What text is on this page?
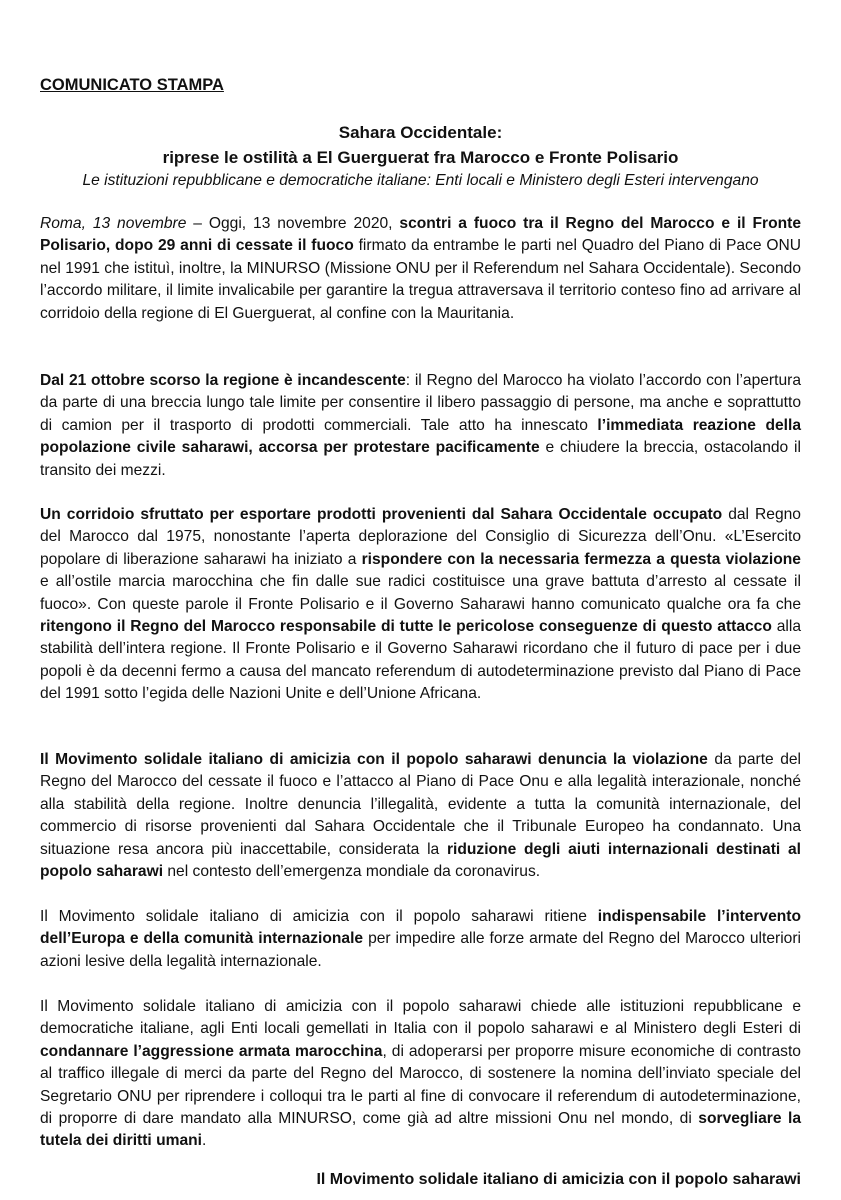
COMUNICATO STAMPA
Sahara Occidentale:
riprese le ostilità a El Guerguerat fra Marocco e Fronte Polisario
Le istituzioni repubblicane e democratiche italiane: Enti locali e Ministero degli Esteri intervengano

Roma, 13 novembre – Oggi, 13 novembre 2020, scontri a fuoco tra il Regno del Marocco e il Fronte Polisario, dopo 29 anni di cessate il fuoco firmato da entrambe le parti nel Quadro del Piano di Pace ONU nel 1991 che istituì, inoltre, la MINURSO (Missione ONU per il Referendum nel Sahara Occidentale). Secondo l’accordo militare, il limite invalicabile per garantire la tregua attraversava il territorio conteso fino ad arrivare al corridoio della regione di El Guerguerat, al confine con la Mauritania.

Dal 21 ottobre scorso la regione è incandescente: il Regno del Marocco ha violato l’accordo con l’apertura da parte di una breccia lungo tale limite per consentire il libero passaggio di persone, ma anche e soprattutto di camion per il trasporto di prodotti commerciali. Tale atto ha innescato l’immediata reazione della popolazione civile saharawi, accorsa per protestare pacificamente e chiudere la breccia, ostacolando il transito dei mezzi.

Un corridoio sfruttato per esportare prodotti provenienti dal Sahara Occidentale occupato dal Regno del Marocco dal 1975, nonostante l’aperta deplorazione del Consiglio di Sicurezza dell’Onu. «L’Esercito popolare di liberazione saharawi ha iniziato a rispondere con la necessaria fermezza a questa violazione e all’ostile marcia marocchina che fin dalle sue radici costituisce una grave battuta d’arresto al cessate il fuoco». Con queste parole il Fronte Polisario e il Governo Saharawi hanno comunicato qualche ora fa che ritengono il Regno del Marocco responsabile di tutte le pericolose conseguenze di questo attacco alla stabilità dell’intera regione. Il Fronte Polisario e il Governo Saharawi ricordano che il futuro di pace per i due popoli è da decenni fermo a causa del mancato referendum di autodeterminazione previsto dal Piano di Pace del 1991 sotto l’egida delle Nazioni Unite e dell’Unione Africana.

Il Movimento solidale italiano di amicizia con il popolo saharawi denuncia la violazione da parte del Regno del Marocco del cessate il fuoco e l’attacco al Piano di Pace Onu e alla legalità interazionale, nonché alla stabilità della regione. Inoltre denuncia l’illegalità, evidente a tutta la comunità internazionale, del commercio di risorse provenienti dal Sahara Occidentale che il Tribunale Europeo ha condannato. Una situazione resa ancora più inaccettabile, considerata la riduzione degli aiuti internazionali destinati al popolo saharawi nel contesto dell’emergenza mondiale da coronavirus.

Il Movimento solidale italiano di amicizia con il popolo saharawi ritiene indispensabile l’intervento dell’Europa e della comunità internazionale per impedire alle forze armate del Regno del Marocco ulteriori azioni lesive della legalità internazionale.

Il Movimento solidale italiano di amicizia con il popolo saharawi chiede alle istituzioni repubblicane e democratiche italiane, agli Enti locali gemellati in Italia con il popolo saharawi e al Ministero degli Esteri di condannare l’aggressione armata marocchina, di adoperarsi per proporre misure economiche di contrasto al traffico illegale di merci da parte del Regno del Marocco, di sostenere la nomina dell’inviato speciale del Segretario ONU per riprendere i colloqui tra le parti al fine di convocare il referendum di autodeterminazione, di proporre di dare mandato alla MINURSO, come già ad altre missioni Onu nel mondo, di sorvegliare la tutela dei diritti umani.

Il Movimento solidale italiano di amicizia con il popolo saharawi
